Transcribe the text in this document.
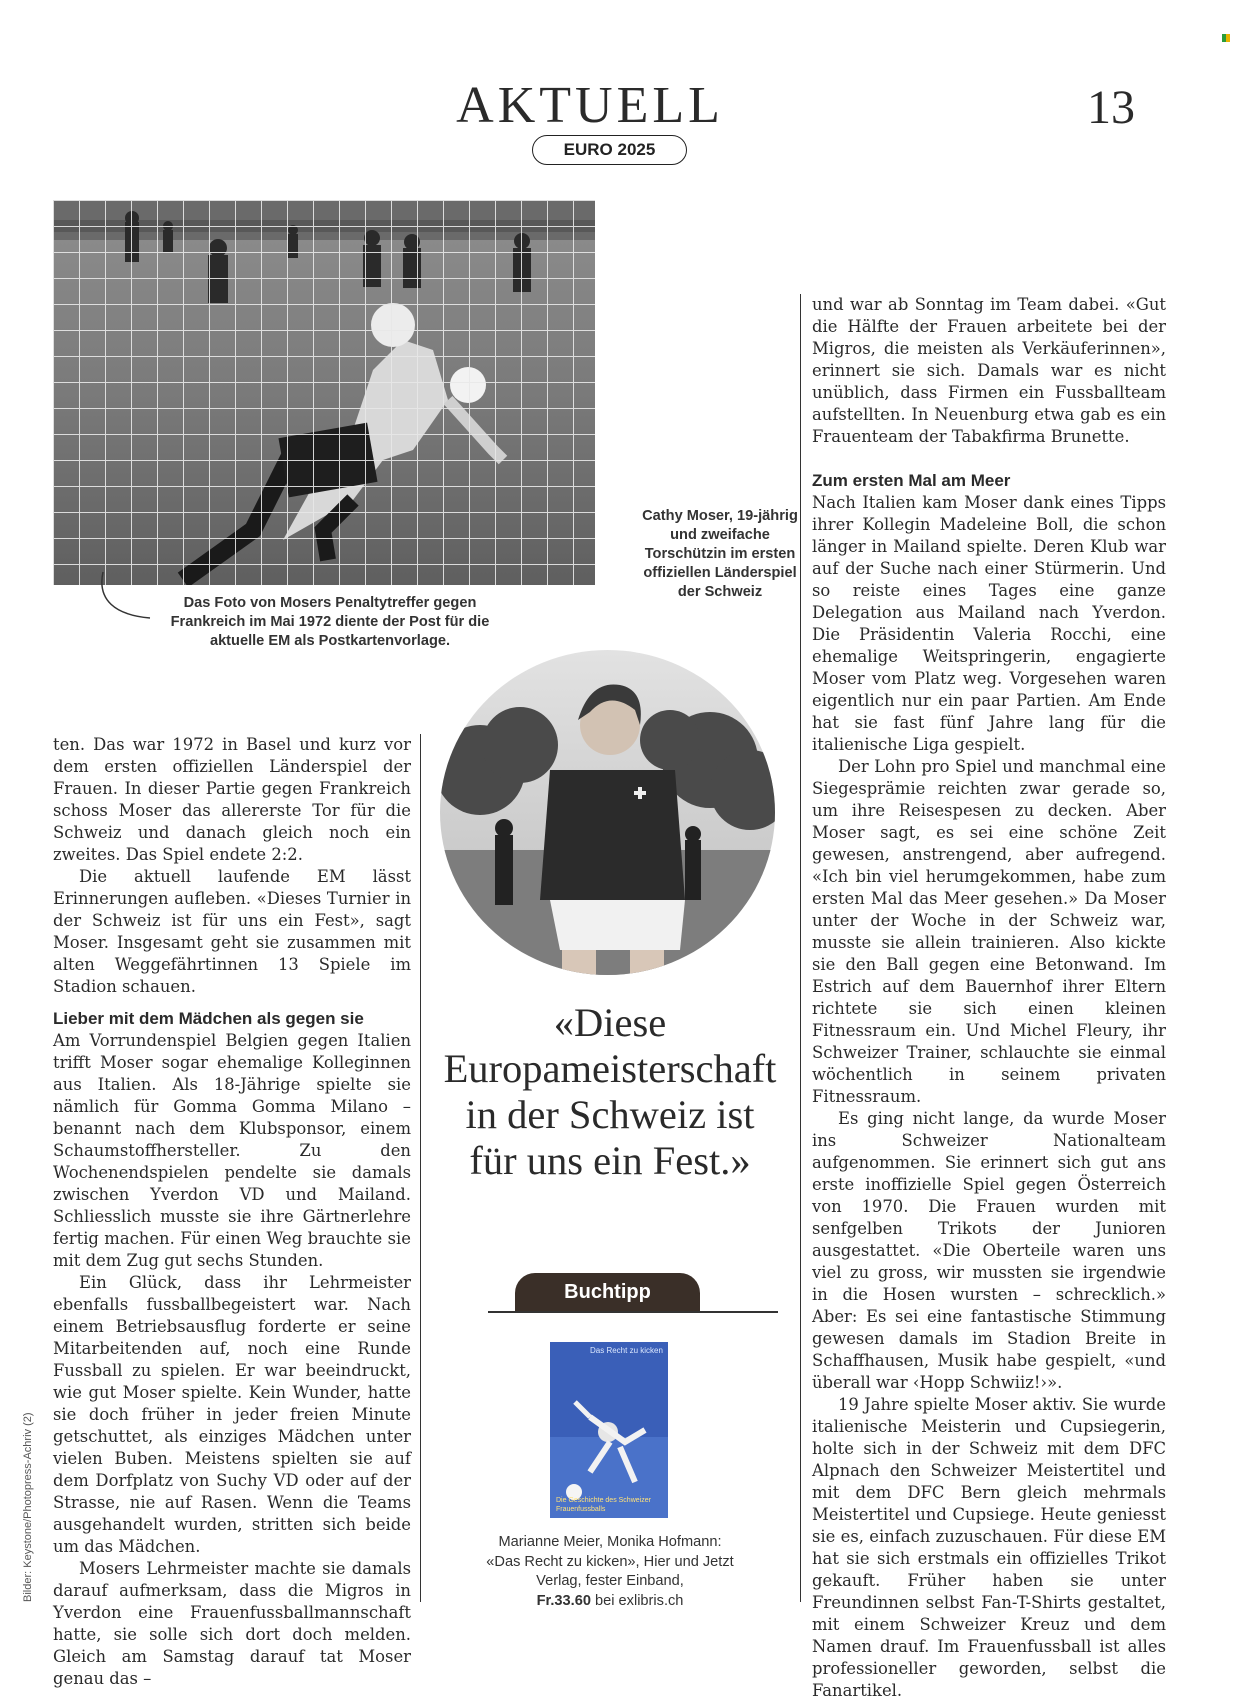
AKTUELL	13
EURO 2025
Das Foto von Mosers Penaltytreffer gegen Frankreich im Mai 1972 diente der Post für die aktuelle EM als Postkartenvorlage.
Cathy Moser, 19-jährig und zweifache Torschützin im ersten offiziellen Länderspiel der Schweiz
«Diese Europameisterschaft in der Schweiz ist für uns ein Fest.»
Buchtipp
Das Recht zu kicken
Die Geschichte des Schweizer Frauenfussballs
Marianne Meier, Monika Hofmann:
«Das Recht zu kicken», Hier und Jetzt Verlag, fester Einband,
Fr.33.60 bei exlibris.ch

ten. Das war 1972 in Basel und kurz vor dem ersten offiziellen Länderspiel der Frauen. In dieser Partie gegen Frankreich schoss Moser das allererste Tor für die Schweiz und danach gleich noch ein zweites. Das Spiel endete 2:2.

Die aktuell laufende EM lässt Erinnerungen aufleben. «Dieses Turnier in der Schweiz ist für uns ein Fest», sagt Moser. Insgesamt geht sie zusammen mit alten Weggefährtinnen 13 Spiele im Stadion schauen.

Lieber mit dem Mädchen als gegen sie

Am Vorrundenspiel Belgien gegen Italien trifft Moser sogar ehemalige Kolleginnen aus Italien. Als 18-Jährige spielte sie nämlich für Gomma Gomma Milano – benannt nach dem Klubsponsor, einem Schaumstoffhersteller. Zu den Wochenendspielen pendelte sie damals zwischen Yverdon VD und Mailand. Schliesslich musste sie ihre Gärtnerlehre fertig machen. Für einen Weg brauchte sie mit dem Zug gut sechs Stunden.

Ein Glück, dass ihr Lehrmeister ebenfalls fussballbegeistert war. Nach einem Betriebsausflug forderte er seine Mitarbeitenden auf, noch eine Runde Fussball zu spielen. Er war beeindruckt, wie gut Moser spielte. Kein Wunder, hatte sie doch früher in jeder freien Minute getschuttet, als einziges Mädchen unter vielen Buben. Meistens spielten sie auf dem Dorfplatz von Suchy VD oder auf der Strasse, nie auf Rasen. Wenn die Teams ausgehandelt wurden, stritten sich beide um das Mädchen.

Mosers Lehrmeister machte sie damals darauf aufmerksam, dass die Migros in Yverdon eine Frauenfussballmannschaft hatte, sie solle sich dort doch melden. Gleich am Samstag darauf tat Moser genau das –

und war ab Sonntag im Team dabei. «Gut die Hälfte der Frauen arbeitete bei der Migros, die meisten als Verkäuferinnen», erinnert sie sich. Damals war es nicht unüblich, dass Firmen ein Fussballteam aufstellten. In Neuenburg etwa gab es ein Frauenteam der Tabakfirma Brunette.

Zum ersten Mal am Meer

Nach Italien kam Moser dank eines Tipps ihrer Kollegin Madeleine Boll, die schon länger in Mailand spielte. Deren Klub war auf der Suche nach einer Stürmerin. Und so reiste eines Tages eine ganze Delegation aus Mailand nach Yverdon. Die Präsidentin Valeria Rocchi, eine ehemalige Weitspringerin, engagierte Moser vom Platz weg. Vorgesehen waren eigentlich nur ein paar Partien. Am Ende hat sie fast fünf Jahre lang für die italienische Liga gespielt.

Der Lohn pro Spiel und manchmal eine Siegesprämie reichten zwar gerade so, um ihre Reisespesen zu decken. Aber Moser sagt, es sei eine schöne Zeit gewesen, anstrengend, aber aufregend. «Ich bin viel herumgekommen, habe zum ersten Mal das Meer gesehen.» Da Moser unter der Woche in der Schweiz war, musste sie allein trainieren. Also kickte sie den Ball gegen eine Betonwand. Im Estrich auf dem Bauernhof ihrer Eltern richtete sie sich einen kleinen Fitnessraum ein. Und Michel Fleury, ihr Schweizer Trainer, schlauchte sie einmal wöchentlich in seinem privaten Fitnessraum.

Es ging nicht lange, da wurde Moser ins Schweizer Nationalteam aufgenommen. Sie erinnert sich gut ans erste inoffizielle Spiel gegen Österreich von 1970. Die Frauen wurden mit senfgelben Trikots der Junioren ausgestattet. «Die Oberteile waren uns viel zu gross, wir mussten sie irgendwie in die Hosen wursten – schrecklich.» Aber: Es sei eine fantastische Stimmung gewesen damals im Stadion Breite in Schaffhausen, Musik habe gespielt, «und überall war ‹Hopp Schwiiz!›».

19 Jahre spielte Moser aktiv. Sie wurde italienische Meisterin und Cupsiegerin, holte sich in der Schweiz mit dem DFC Alpnach den Schweizer Meistertitel und mit dem DFC Bern gleich mehrmals Meistertitel und Cupsiege. Heute geniesst sie es, einfach zuzuschauen. Für diese EM hat sie sich erstmals ein offizielles Trikot gekauft. Früher haben sie unter Freundinnen selbst Fan-T-Shirts gestaltet, mit einem Schweizer Kreuz und dem Namen drauf. Im Frauenfussball ist alles professioneller geworden, selbst die Fanartikel.

Bilder: Keystone/Photopress-Achriv (2)
